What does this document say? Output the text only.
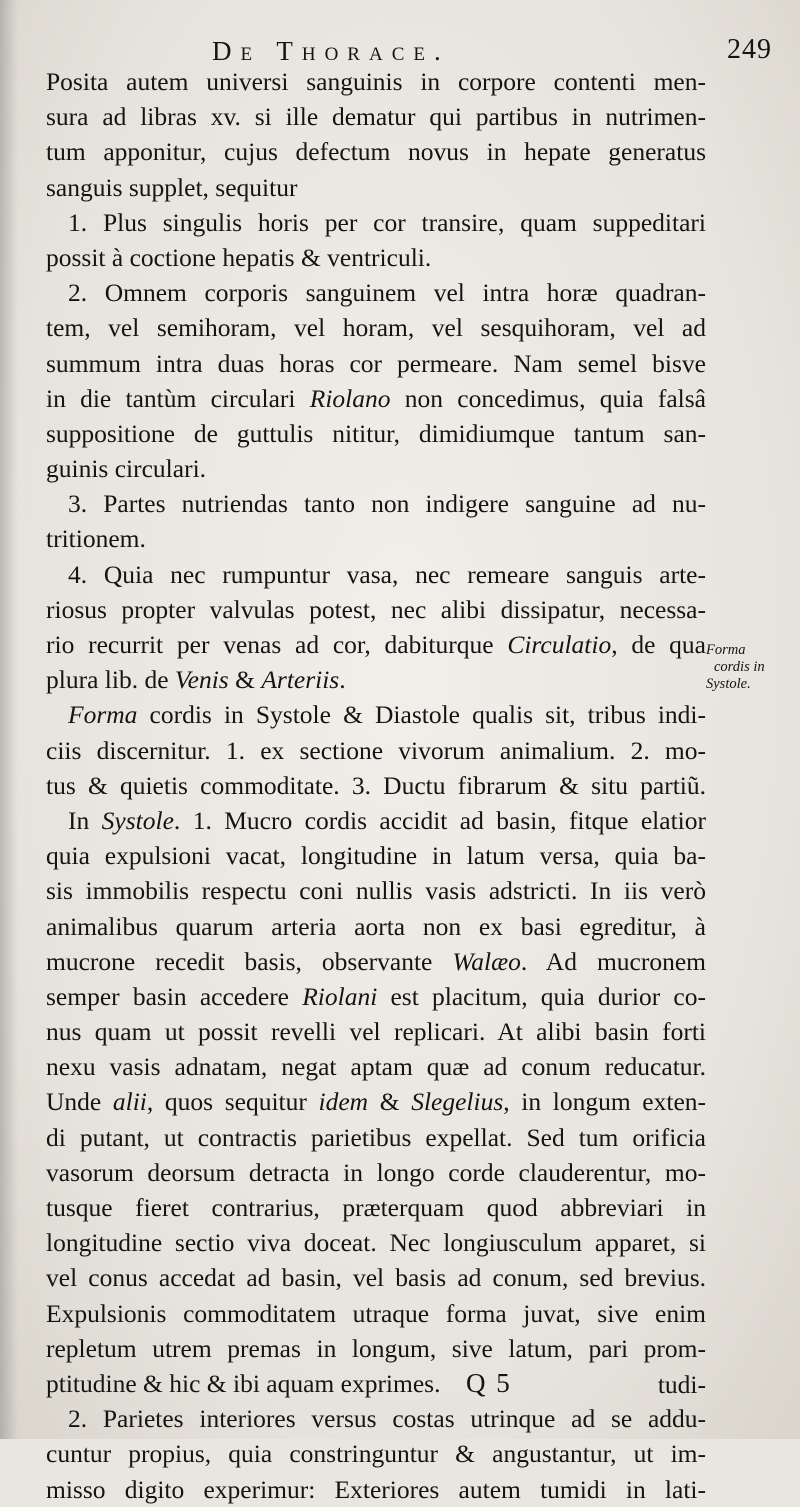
De Thorace.	249
Posita autem universi sanguinis in corpore contenti men-
sura ad libras xv. si ille dematur qui partibus in nutrimen-
tum apponitur, cujus defectum novus in hepate generatus
sanguis supplet, sequitur
1. Plus singulis horis per cor transire, quam suppeditari
possit à coctione hepatis & ventriculi.
2. Omnem corporis sanguinem vel intra horæ quadran-
tem, vel semihoram, vel horam, vel sesquihoram, vel ad
summum intra duas horas cor permeare. Nam semel bisve
in die tantùm circulari Riolano non concedimus, quia falsâ
suppositione de guttulis nititur, dimidiumque tantum san-
guinis circulari.
3. Partes nutriendas tanto non indigere sanguine ad nu-
tritionem.
4. Quia nec rumpuntur vasa, nec remeare sanguis arte-
riosus propter valvulas potest, nec alibi dissipatur, necessa-
rio recurrit per venas ad cor, dabiturque Circulatio, de qua
plura lib. de Venis & Arteriis.
Forma cordis in Systole & Diastole qualis sit, tribus indi-
ciis discernitur. 1. ex sectione vivorum animalium. 2. mo-
tus & quietis commoditate. 3. Ductu fibrarum & situ partiũ.
In Systole. 1. Mucro cordis accidit ad basin, fitque elatior
quia expulsioni vacat, longitudine in latum versa, quia ba-
sis immobilis respectu coni nullis vasis adstricti. In iis verò
animalibus quarum arteria aorta non ex basi egreditur, à
mucrone recedit basis, observante Walæo. Ad mucronem
semper basin accedere Riolani est placitum, quia durior co-
nus quam ut possit revelli vel replicari. At alibi basin forti
nexu vasis adnatam, negat aptam quæ ad conum reducatur.
Unde alii, quos sequitur idem & Slegelius, in longum exten-
di putant, ut contractis parietibus expellat. Sed tum orificia
vasorum deorsum detracta in longo corde clauderentur, mo-
tusque fieret contrarius, præterquam quod abbreviari in
longitudine sectio viva doceat. Nec longiusculum apparet, si
vel conus accedat ad basin, vel basis ad conum, sed brevius.
Expulsionis commoditatem utraque forma juvat, sive enim
repletum utrem premas in longum, sive latum, pari prom-
ptitudine & hic & ibi aquam exprimes.
2. Parietes interiores versus costas utrinque ad se addu-
cuntur propius, quia constringuntur & angustantur, ut im-
misso digito experimur: Exteriores autem tumidi in lati-
Forma
cordis in
Systole.
Q 5	tudi-
